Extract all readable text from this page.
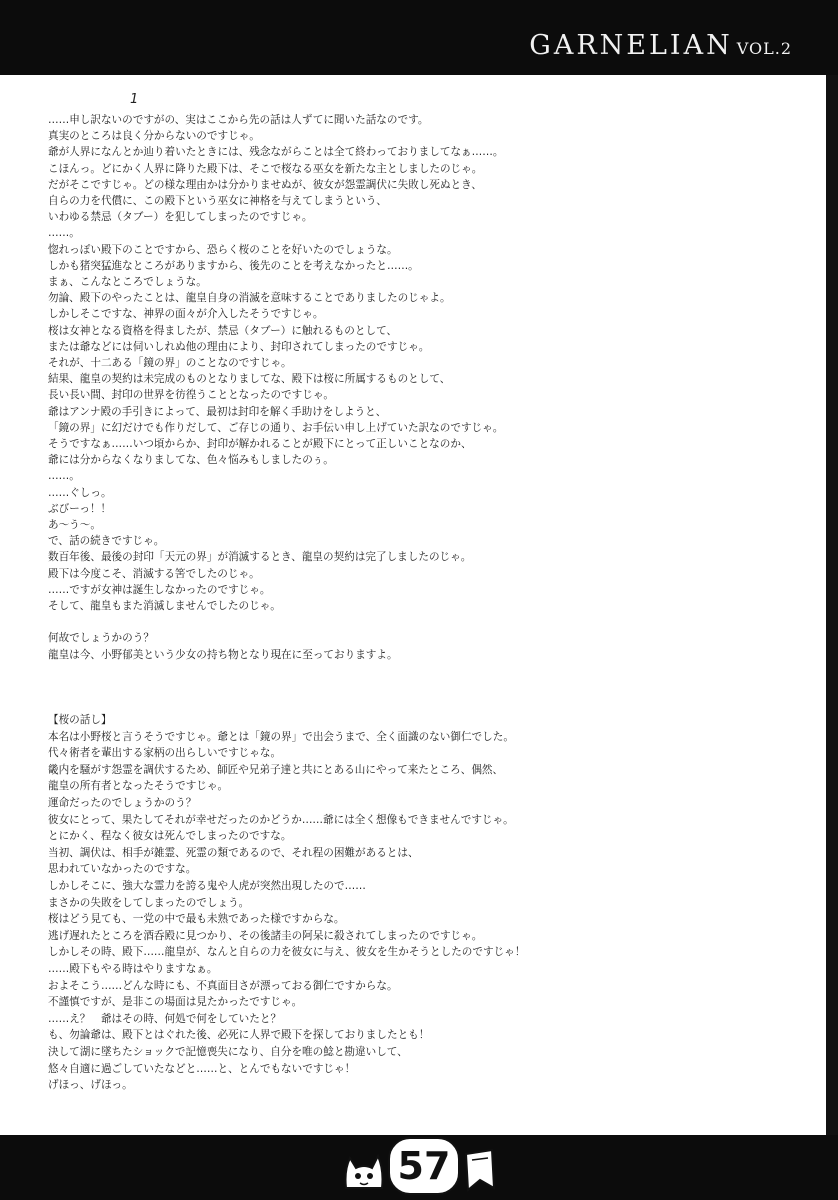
GARNELIAN VOL.2
1
……申し訳ないのですがの、実はここから先の話は人ずてに聞いた話なのです。
真実のところは良く分からないのですじゃ。
爺が人界になんとか辿り着いたときには、残念ながらことは全て終わっておりましてなぁ……。
こほんっ。どにかく人界に降りた殿下は、そこで桜なる巫女を新たな主としましたのじゃ。
だがそこですじゃ。どの様な理由かは分かりませぬが、彼女が怨霊調伏に失敗し死ぬとき、
自らの力を代償に、この殿下という巫女に神格を与えてしまうという、
いわゆる禁忌（タブー）を犯してしまったのですじゃ。
……。
惚れっぽい殿下のことですから、恐らく桜のことを好いたのでしょうな。
しかも猪突猛進なところがありますから、後先のことを考えなかったと……。
まぁ、こんなところでしょうな。
勿論、殿下のやったことは、龍皇自身の消滅を意味することでありましたのじゃよ。
しかしそこですな、神界の面々が介入したそうですじゃ。
桜は女神となる資格を得ましたが、禁忌（タブー）に触れるものとして、
または爺などには伺いしれぬ他の理由により、封印されてしまったのですじゃ。
それが、十二ある「鏡の界」のことなのですじゃ。
結果、龍皇の契約は未完成のものとなりましてな、殿下は桜に所属するものとして、
長い長い間、封印の世界を彷徨うこととなったのですじゃ。
爺はアンナ殿の手引きによって、最初は封印を解く手助けをしようと、
「鏡の界」に幻だけでも作りだして、ご存じの通り、お手伝い申し上げていた訳なのですじゃ。
そうですなぁ……いつ頃からか、封印が解かれることが殿下にとって正しいことなのか、
爺には分からなくなりましてな、色々悩みもしましたのぅ。
……。
……ぐしっ。
ぶびーっ！！
あ～う～。
で、話の続きですじゃ。
数百年後、最後の封印「天元の界」が消滅するとき、龍皇の契約は完了しましたのじゃ。
殿下は今度こそ、消滅する筈でしたのじゃ。
……ですが女神は誕生しなかったのですじゃ。
そして、龍皇もまた消滅しませんでしたのじゃ。
何故でしょうかのう？
龍皇は今、小野郁美という少女の持ち物となり現在に至っておりますよ。
【桜の話し】
本名は小野桜と言うそうですじゃ。爺とは「鏡の界」で出会うまで、全く面識のない御仁でした。
代々術者を輩出する家柄の出らしいですじゃな。
畿内を騒がす怨霊を調伏するため、師匠や兄弟子達と共にとある山にやって来たところ、偶然、
龍皇の所有者となったそうですじゃ。
運命だったのでしょうかのう？
彼女にとって、果たしてそれが幸せだったのかどうか……爺には全く想像もできませんですじゃ。
とにかく、程なく彼女は死んでしまったのですな。
当初、調伏は、相手が雑霊、死霊の類であるので、それ程の困難があるとは、
思われていなかったのですな。
しかしそこに、強大な霊力を誇る鬼や人虎が突然出現したので……
まさかの失敗をしてしまったのでしょう。
桜はどう見ても、一党の中で最も未熟であった様ですからな。
逃げ遅れたところを酒呑殿に見つかり、その後諸圭の阿呆に殺されてしまったのですじゃ。
しかしその時、殿下……龍皇が、なんと自らの力を彼女に与え、彼女を生かそうとしたのですじゃ！
……殿下もやる時はやりますなぁ。
およそこう……どんな時にも、不真面目さが漂っておる御仁ですからな。
不謹慎ですが、是非この場面は見たかったですじゃ。
……え？　爺はその時、何処で何をしていたと？
も、勿論爺は、殿下とはぐれた後、必死に人界で殿下を探しておりましたとも！
決して湖に墜ちたショックで記憶喪失になり、自分を唯の鯰と勘違いして、
悠々自適に過ごしていたなどと……と、とんでもないですじゃ！
げほっ、げほっ。
57
